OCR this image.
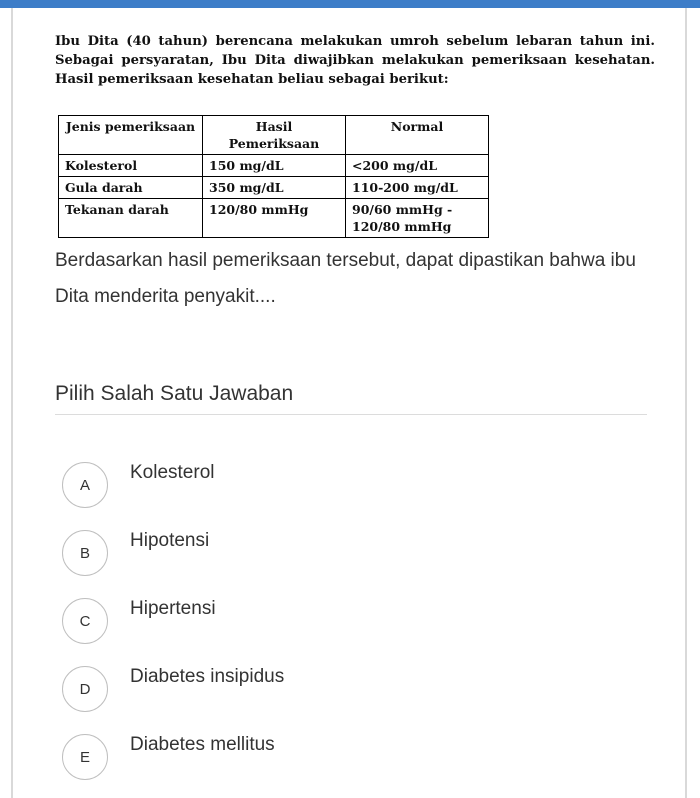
Ibu Dita (40 tahun) berencana melakukan umroh sebelum lebaran tahun ini. Sebagai persyaratan, Ibu Dita diwajibkan melakukan pemeriksaan kesehatan. Hasil pemeriksaan kesehatan beliau sebagai berikut:

Jenis pemeriksaan	Hasil Pemeriksaan	Normal
Kolesterol	150 mg/dL	<200 mg/dL
Gula darah	350 mg/dL	110-200 mg/dL
Tekanan darah	120/80 mmHg	90/60 mmHg - 120/80 mmHg

Berdasarkan hasil pemeriksaan tersebut, dapat dipastikan bahwa ibu Dita menderita penyakit....

Pilih Salah Satu Jawaban

A
Kolesterol
B
Hipotensi
C
Hipertensi
D
Diabetes insipidus
E
Diabetes mellitus
